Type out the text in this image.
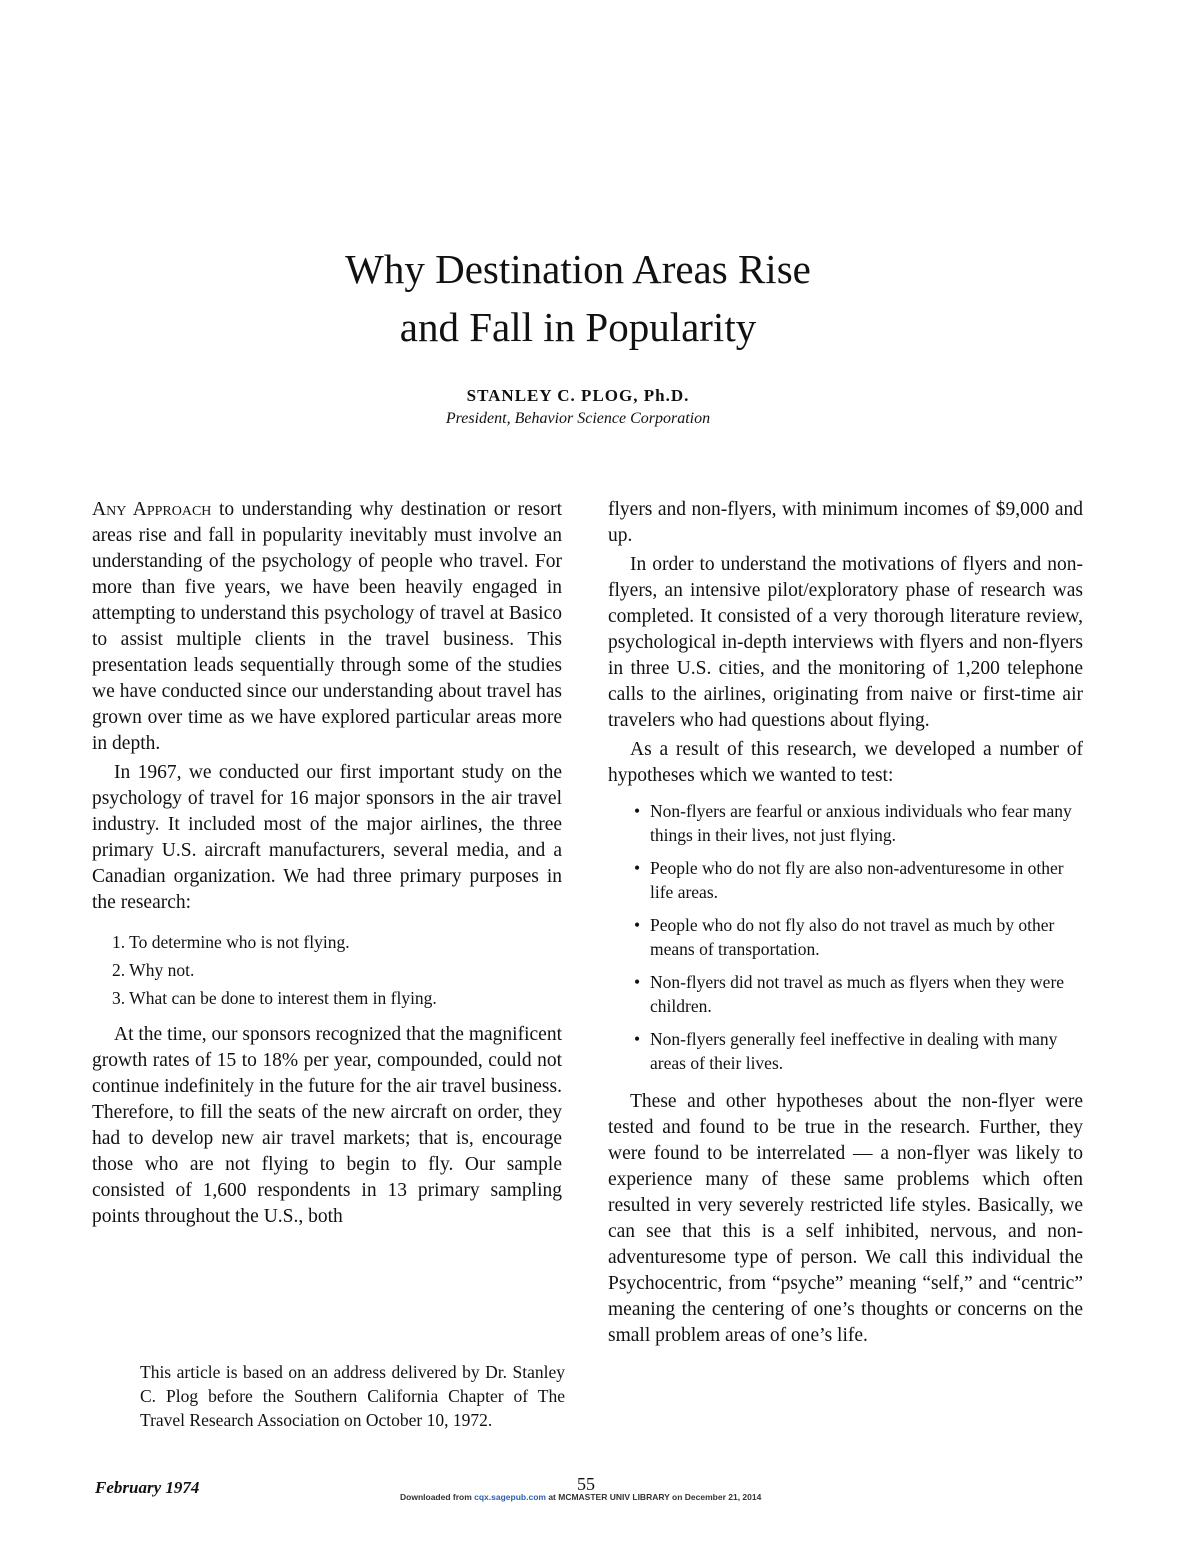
Why Destination Areas Rise
and Fall in Popularity
STANLEY C. PLOG, Ph.D.
President, Behavior Science Corporation

Any Approach to understanding why destination or resort areas rise and fall in popularity inevitably must involve an understanding of the psychology of people who travel. For more than five years, we have been heavily engaged in attempting to understand this psychology of travel at Basico to assist multiple clients in the travel business. This presentation leads sequentially through some of the studies we have conducted since our understanding about travel has grown over time as we have explored particular areas more in depth.

In 1967, we conducted our first important study on the psychology of travel for 16 major sponsors in the air travel industry. It included most of the major airlines, the three primary U.S. aircraft manufacturers, several media, and a Canadian organization. We had three primary purposes in the research:

1. To determine who is not flying.
2. Why not.
3. What can be done to interest them in flying.

At the time, our sponsors recognized that the magnificent growth rates of 15 to 18% per year, compounded, could not continue indefinitely in the future for the air travel business. Therefore, to fill the seats of the new aircraft on order, they had to develop new air travel markets; that is, encourage those who are not flying to begin to fly. Our sample consisted of 1,600 respondents in 13 primary sampling points throughout the U.S., both

flyers and non-flyers, with minimum incomes of $9,000 and up.

In order to understand the motivations of flyers and non-flyers, an intensive pilot/exploratory phase of research was completed. It consisted of a very thorough literature review, psychological in-depth interviews with flyers and non-flyers in three U.S. cities, and the monitoring of 1,200 telephone calls to the airlines, originating from naive or first-time air travelers who had questions about flying.

As a result of this research, we developed a number of hypotheses which we wanted to test:

• Non-flyers are fearful or anxious individuals who fear many things in their lives, not just flying.
• People who do not fly are also non-adventuresome in other life areas.
• People who do not fly also do not travel as much by other means of transportation.
• Non-flyers did not travel as much as flyers when they were children.
• Non-flyers generally feel ineffective in dealing with many areas of their lives.

These and other hypotheses about the non-flyer were tested and found to be true in the research. Further, they were found to be interrelated — a non-flyer was likely to experience many of these same problems which often resulted in very severely restricted life styles. Basically, we can see that this is a self inhibited, nervous, and non-adventuresome type of person. We call this individual the Psychocentric, from “psyche” meaning “self,” and “centric” meaning the centering of one’s thoughts or concerns on the small problem areas of one’s life.

This article is based on an address delivered by Dr. Stanley C. Plog before the Southern California Chapter of The Travel Research Association on October 10, 1972.
February 1974	55
Downloaded from cqx.sagepub.com at MCMASTER UNIV LIBRARY on December 21, 2014
